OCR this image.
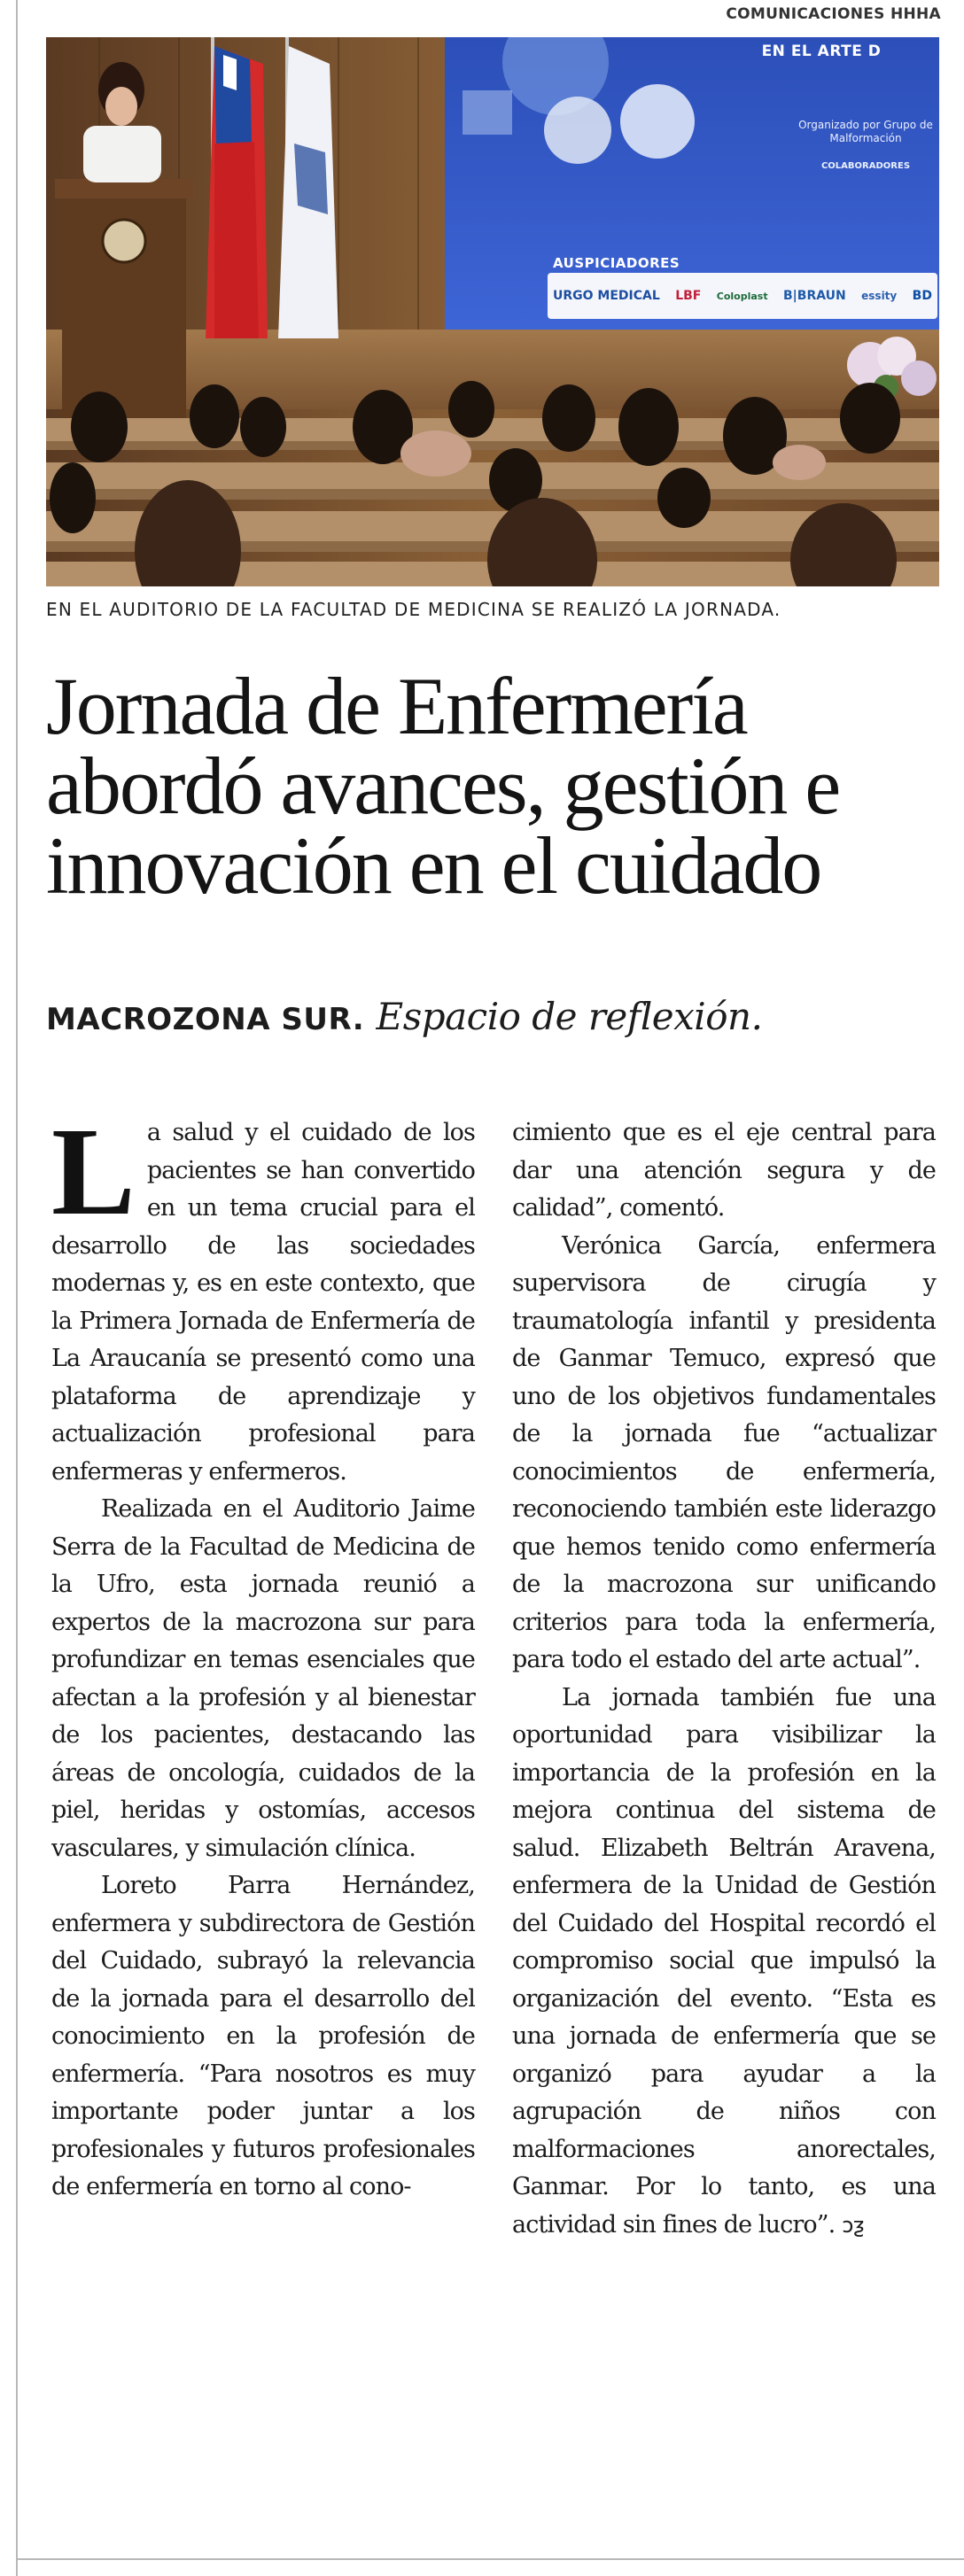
COMUNICACIONES HHHA
EN EL ARTE D
Organizado por Grupo de Malformación
COLABORADORES
AUSPICIADORES
URGO MEDICAL LBF Coloplast B|BRAUN essity BD
EN EL AUDITORIO DE LA FACULTAD DE MEDICINA SE REALIZÓ LA JORNADA.
Jornada de Enfermería abordó avances, gestión e innovación en el cuidado
MACROZONA SUR. Espacio de reflexión.

La salud y el cuidado de los pacientes se han convertido en un tema crucial para el desarrollo de las sociedades modernas y, es en este contexto, que la Primera Jornada de Enfermería de La Araucanía se presentó como una plataforma de aprendizaje y actualización profesional para enfermeras y enfermeros.

Realizada en el Auditorio Jaime Serra de la Facultad de Medicina de la Ufro, esta jornada reunió a expertos de la macrozona sur para profundizar en temas esenciales que afectan a la profesión y al bienestar de los pacientes, destacando las áreas de oncología, cuidados de la piel, heridas y ostomías, accesos vasculares, y simulación clínica.

Loreto Parra Hernández, enfermera y subdirectora de Gestión del Cuidado, subrayó la relevancia de la jornada para el desarrollo del conocimiento en la profesión de enfermería. “Para nosotros es muy importante poder juntar a los profesionales y futuros profesionales de enfermería en torno al cono-

cimiento que es el eje central para dar una atención segura y de calidad”, comentó.

Verónica García, enfermera supervisora de cirugía y traumatología infantil y presidenta de Ganmar Temuco, expresó que uno de los objetivos fundamentales de la jornada fue “actualizar conocimientos de enfermería, reconociendo también este liderazgo que hemos tenido como enfermería de la macrozona sur unificando criterios para toda la enfermería, para todo el estado del arte actual”.

La jornada también fue una oportunidad para visibilizar la importancia de la profesión en la mejora continua del sistema de salud. Elizabeth Beltrán Aravena, enfermera de la Unidad de Gestión del Cuidado del Hospital recordó el compromiso social que impulsó la organización del evento. “Esta es una jornada de enfermería que se organizó para ayudar a la agrupación de niños con malformaciones anorectales, Ganmar. Por lo tanto, es una actividad sin fines de lucro”. ↄƺ
